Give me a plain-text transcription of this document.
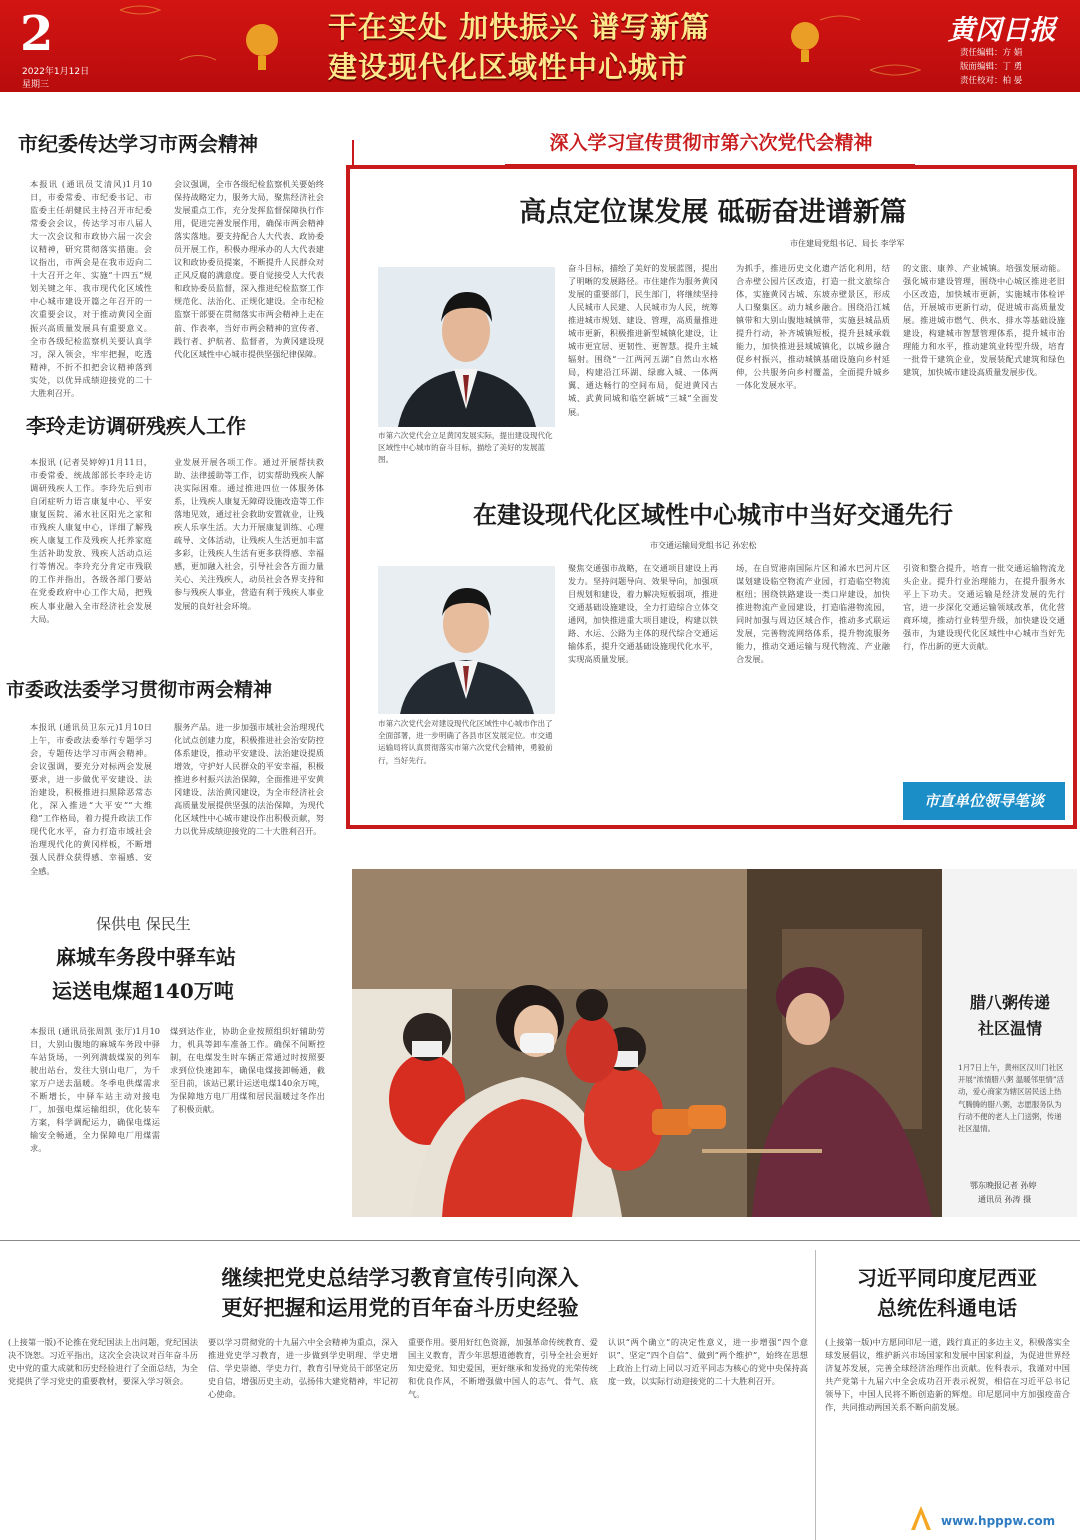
2
2022年1月12日
星期三
干在实处 加快振兴 谱写新篇
建设现代化区域性中心城市
黄冈日报
责任编辑：方 娟
版面编辑：丁 勇
责任校对：柏 晏
市纪委传达学习市两会精神
本报讯 (通讯员艾清风)1月10日，市委常委、市纪委书记、市监委主任胡健民主持召开市纪委常委会会议，传达学习市八届人大一次会议和市政协六届一次会议精神，研究贯彻落实措施。会议指出，市两会是在我市迈向二十大召开之年、实施“十四五”规划关键之年、我市现代化区域性中心城市建设开篇之年召开的一次重要会议，对于推动黄冈全面振兴高质量发展具有重要意义。全市各级纪检监察机关要认真学习，深入领会，牢牢把握，吃透精神，不折不扣把会议精神落到实处，以优异成绩迎接党的二十大胜利召开。
会议强调，全市各级纪检监察机关要始终保持战略定力，服务大局，聚焦经济社会发展重点工作，充分发挥监督保障执行作用，促进完善发展作用，确保市两会精神落实落地。要支持配合人大代表、政协委员开展工作，积极办理承办的人大代表建议和政协委员提案，不断提升人民群众对正风反腐的满意度。要自觉接受人大代表和政协委员监督，深入推进纪检监察工作规范化、法治化、正规化建设。全市纪检监察干部要在贯彻落实市两会精神上走在前、作表率，当好市两会精神的宣传者、践行者、护航者、监督者，为黄冈建设现代化区域性中心城市提供坚强纪律保障。
李玲走访调研残疾人工作
本报讯 (记者吴婷婷)1月11日，市委常委、统战部部长李玲走访调研残疾人工作。李玲先后到市自闭症听力语言康复中心、平安康复医院、浠水社区阳光之家和市残疾人康复中心，详细了解残疾人康复工作及残疾人托养家庭生活补助发放、残疾人活动点运行等情况。李玲充分肯定市残联的工作并指出，各级各部门要站在党委政府中心工作大局，把残疾人事业融入全市经济社会发展大局。
业发展开展各项工作。通过开展帮扶救助、法律援助等工作，切实帮助残疾人解决实际困难。通过推进四位一体服务体系，让残疾人康复无障碍设施改造等工作落地见效，通过社会救助安置就业，让残疾人乐享生活。大力开展康复训练、心理疏导、文体活动，让残疾人生活更加丰富多彩，让残疾人生活有更多获得感、幸福感，更加融入社会，引导社会各方面力量关心、关注残疾人，动员社会各界支持和参与残疾人事业，营造有利于残疾人事业发展的良好社会环境。
市委政法委学习贯彻市两会精神
本报讯 (通讯员卫东元)1月10日上午，市委政法委举行专题学习会，专题传达学习市两会精神。会议强调，要充分对标两会发展要求，进一步做优平安建设、法治建设，积极推进扫黑除恶常态化，深入推进“大平安”“大维稳”工作格局，着力提升政法工作现代化水平，奋力打造市域社会治理现代化的黄冈样板，不断增强人民群众获得感、幸福感、安全感。
服务产品。进一步加强市域社会治理现代化试点创建力度，积极推进社会治安防控体系建设，推动平安建设、法治建设提质增效，守护好人民群众的平安幸福，积极推进乡村振兴法治保障，全面推进平安黄冈建设、法治黄冈建设，为全市经济社会高质量发展提供坚强的法治保障，为现代化区域性中心城市建设作出积极贡献，努力以优异成绩迎接党的二十大胜利召开。
保供电 保民生
麻城车务段中驿车站
运送电煤超140万吨
本报讯 (通讯员张周凯 张厅)1月10日，大别山腹地的麻城车务段中驿车站货场，一列列满载煤炭的列车驶出站台，发往大别山电厂，为千家万户送去温暖。冬季电供煤需求不断增长，中驿车站主动对接电厂，加强电煤运输组织，优化装车方案，科学调配运力，确保电煤运输安全畅通，全力保障电厂用煤需求。
煤到达作业，协助企业按照组织好辅助劳力，机具等卸车准备工作。确保不间断控制，在电煤发生时车辆正常通过时按照要求到位快速卸车，确保电煤接卸畅通，截至目前，该站已累计运送电煤140余万吨，为保障地方电厂用煤和居民温暖过冬作出了积极贡献。
深入学习宣传贯彻市第六次党代会精神
高点定位谋发展 砥砺奋进谱新篇
市住建局党组书记、局长 李学军
市第六次党代会立足黄冈发展实际，提出建设现代化区域性中心城市的奋斗目标，描绘了美好的发展蓝图。
奋斗目标，描绘了美好的发展蓝图，提出了明晰的发展路径。市住建作为服务黄冈发展的重要部门，民生部门，将继续坚持人民城市人民建、人民城市为人民，统筹推进城市规划、建设、管理，高质量推进城市更新，积极推进新型城镇化建设，让城市更宜居、更韧性、更智慧。提升主城辐射。围绕“一江两河五湖”自然山水格局，构建沿江环湖、绿廊入城、一体两翼、通达畅行的空间布局，促进黄冈古城、武黄同城和临空新城“三城”全面发展。
为抓手，推进历史文化遗产活化利用，结合赤壁公园片区改造，打造一批文旅综合体，实施黄冈古城、东坡赤壁景区，形成人口聚集区。动力城乡融合。围绕沿江城镇带和大别山腹地城镇带，实施县城品质提升行动，补齐城镇短板，提升县城承载能力，加快推进县域城镇化，以城乡融合促乡村振兴，推动城镇基础设施向乡村延伸，公共服务向乡村覆盖，全面提升城乡一体化发展水平。
的文旅、康养、产业城镇。培强发展动能。强化城市建设管理，围绕中心城区推进老旧小区改造，加快城市更新，实施城市体检评估，开展城市更新行动，促进城市高质量发展。推进城市燃气、供水、排水等基础设施建设，构建城市智慧管理体系，提升城市治理能力和水平，推动建筑业转型升级，培育一批骨干建筑企业，发展装配式建筑和绿色建筑，加快城市建设高质量发展步伐。
在建设现代化区域性中心城市中当好交通先行
市交通运输局党组书记 孙宏松
市第六次党代会对建设现代化区域性中心城市作出了全面部署，进一步明确了各县市区发展定位。市交通运输局将认真贯彻落实市第六次党代会精神，勇毅前行，当好先行。
聚焦交通强市战略，在交通项目建设上再发力。坚持问题导向、效果导向，加强项目规划和建设，着力解决短板弱项，推进交通基础设施建设，全力打造综合立体交通网，加快推进重大项目建设，构建以铁路、水运、公路为主体的现代综合交通运输体系，提升交通基础设施现代化水平，实现高质量发展。
场，在自贸港南国际片区和浠水巴河片区谋划建设临空物流产业园，打造临空物流枢纽；围绕铁路建设一类口岸建设，加快推进物流产业园建设，打造临港物流园，同时加强与周边区域合作，推动多式联运发展，完善物流网络体系，提升物流服务能力，推动交通运输与现代物流、产业融合发展。
引资和整合提升，培育一批交通运输物流龙头企业。提升行业治理能力，在提升服务水平上下功夫。交通运输是经济发展的先行官，进一步深化交通运输领域改革，优化营商环境，推动行业转型升级，加快建设交通强市，为建设现代化区域性中心城市当好先行，作出新的更大贡献。
市直单位领导笔谈
腊八粥传递
社区温情
1月7日上午，黄州区汉川门社区开展“浓情腊八粥 温暖邻里情”活动，爱心商家为辖区居民送上热气腾腾的腊八粥，志愿服务队为行动不便的老人上门送粥，传递社区温情。
鄂东晚报记者 孙婷
通讯员 孙涛 摄
继续把党史总结学习教育宣传引向深入
更好把握和运用党的百年奋斗历史经验
(上接第一版)不论推在党纪国法上出问题，党纪国法决不饶恕。习近平指出，这次全会决议对百年奋斗历史中党的重大成就和历史经验进行了全面总结，为全党提供了学习党史的重要教材，要深入学习领会。
要以学习贯彻党的十九届六中全会精神为重点，深入推进党史学习教育，进一步做到学史明理、学史增信、学史崇德、学史力行，教育引导党员干部坚定历史自信，增强历史主动，弘扬伟大建党精神，牢记初心使命。
重要作用。要用好红色资源，加强革命传统教育、爱国主义教育，青少年思想道德教育，引导全社会更好知史爱党、知史爱国，更好继承和发扬党的光荣传统和优良作风，不断增强做中国人的志气、骨气、底气。
认识“两个确立”的决定性意义，进一步增强“四个意识”、坚定“四个自信”、做到“两个维护”，始终在思想上政治上行动上同以习近平同志为核心的党中央保持高度一致，以实际行动迎接党的二十大胜利召开。
习近平同印度尼西亚
总统佐科通电话
(上接第一版)中方愿同印尼一道，践行真正的多边主义，积极落实全球发展倡议，维护新兴市场国家和发展中国家利益，为促进世界经济复苏发展，完善全球经济治理作出贡献。佐科表示，我谨对中国共产党第十九届六中全会成功召开表示祝贺，相信在习近平总书记领导下，中国人民将不断创造新的辉煌。印尼愿同中方加强疫苗合作，共同推动两国关系不断向前发展。
www.hpppw.com
